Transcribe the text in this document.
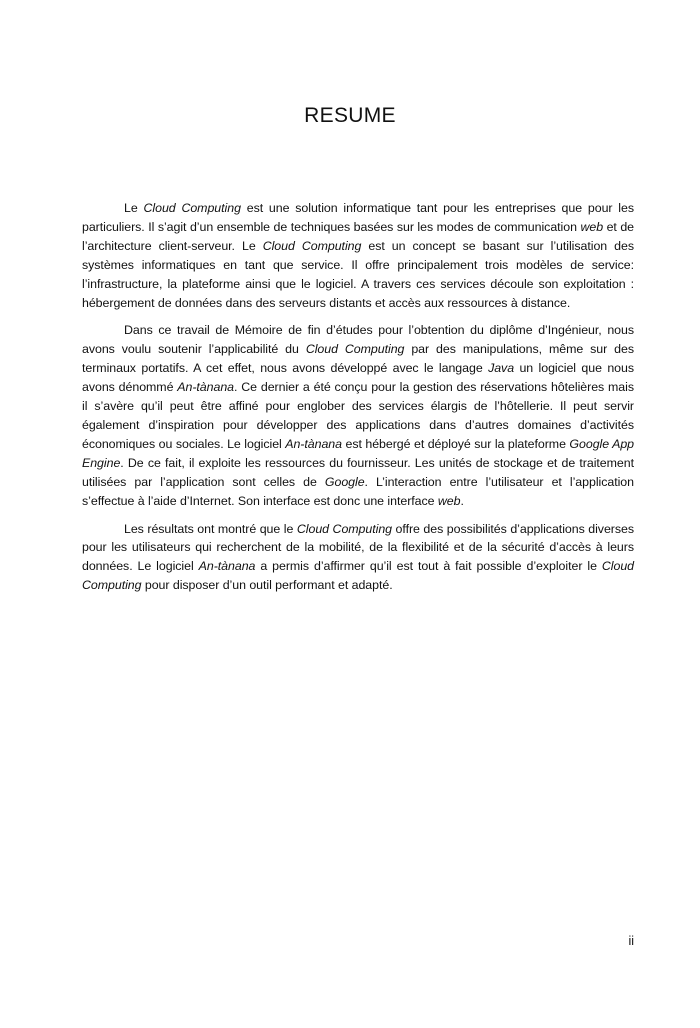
RESUME

Le Cloud Computing est une solution informatique tant pour les entreprises que pour les particuliers. Il s’agit d’un ensemble de techniques basées sur les modes de communication web et de l’architecture client-serveur. Le Cloud Computing est un concept se basant sur l’utilisation des systèmes informatiques en tant que service. Il offre principalement trois modèles de service: l’infrastructure, la plateforme ainsi que le logiciel. A travers ces services découle son exploitation : hébergement de données dans des serveurs distants et accès aux ressources à distance.

Dans ce travail de Mémoire de fin d’études pour l’obtention du diplôme d’Ingénieur, nous avons voulu soutenir l’applicabilité du Cloud Computing par des manipulations, même sur des terminaux portatifs. A cet effet, nous avons développé avec le langage Java un logiciel que nous avons dénommé An-tànana. Ce dernier a été conçu pour la gestion des réservations hôtelières mais il s’avère qu’il peut être affiné pour englober des services élargis de l’hôtellerie. Il peut servir également d’inspiration pour développer des applications dans d’autres domaines d’activités économiques ou sociales. Le logiciel An-tànana est hébergé et déployé sur la plateforme Google App Engine. De ce fait, il exploite les ressources du fournisseur. Les unités de stockage et de traitement utilisées par l’application sont celles de Google. L’interaction entre l’utilisateur et l’application s’effectue à l’aide d’Internet. Son interface est donc une interface web.

Les résultats ont montré que le Cloud Computing offre des possibilités d’applications diverses pour les utilisateurs qui recherchent de la mobilité, de la flexibilité et de la sécurité d’accès à leurs données. Le logiciel An-tànana a permis d’affirmer qu’il est tout à fait possible d’exploiter le Cloud Computing pour disposer d’un outil performant et adapté.

ii
